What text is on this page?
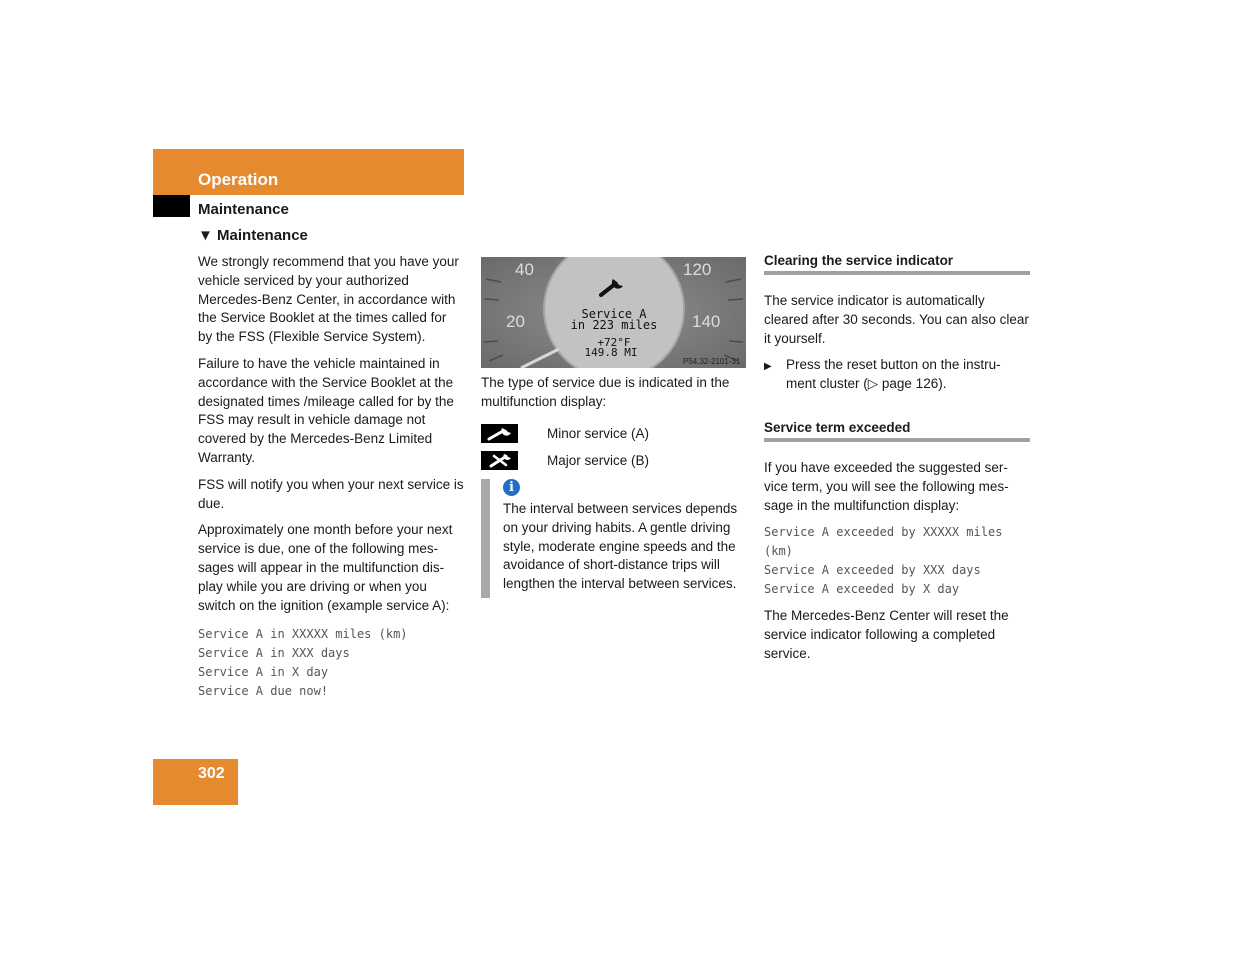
Operation
Maintenance
▼ Maintenance

We strongly recommend that you have your vehicle serviced by your authorized Mercedes-Benz Center, in accordance with the Service Booklet at the times called for by the FSS (Flexible Service System).

Failure to have the vehicle maintained in accordance with the Service Booklet at the designated times /mileage called for by the FSS may result in vehicle damage not covered by the Mercedes-Benz Limited Warranty.

FSS will notify you when your next service is due.

Approximately one month before your next service is due, one of the following mes-sages will appear in the multifunction dis-play while you are driving or when you switch on the ignition (example service A):

Service A in XXXXX miles (km)
Service A in XXX days
Service A in X day
Service A due now!
40
20
120
140
Service A
in 223 miles
+72°F
149.8 MI
P54.32-2101-31

The type of service due is indicated in the multifunction display:

Minor service (A)
Major service (B)
i
The interval between services depends on your driving habits. A gentle driving style, moderate engine speeds and the avoidance of short-distance trips will lengthen the interval between services.
Clearing the service indicator

The service indicator is automatically cleared after 30 seconds. You can also clear it yourself.

▶	Press the reset button on the instru-ment cluster (▷ page 126).
Service term exceeded

If you have exceeded the suggested ser-vice term, you will see the following mes-sage in the multifunction display:

Service A exceeded by XXXXX miles (km)
Service A exceeded by XXX days
Service A exceeded by X day

The Mercedes-Benz Center will reset the service indicator following a completed service.

302
